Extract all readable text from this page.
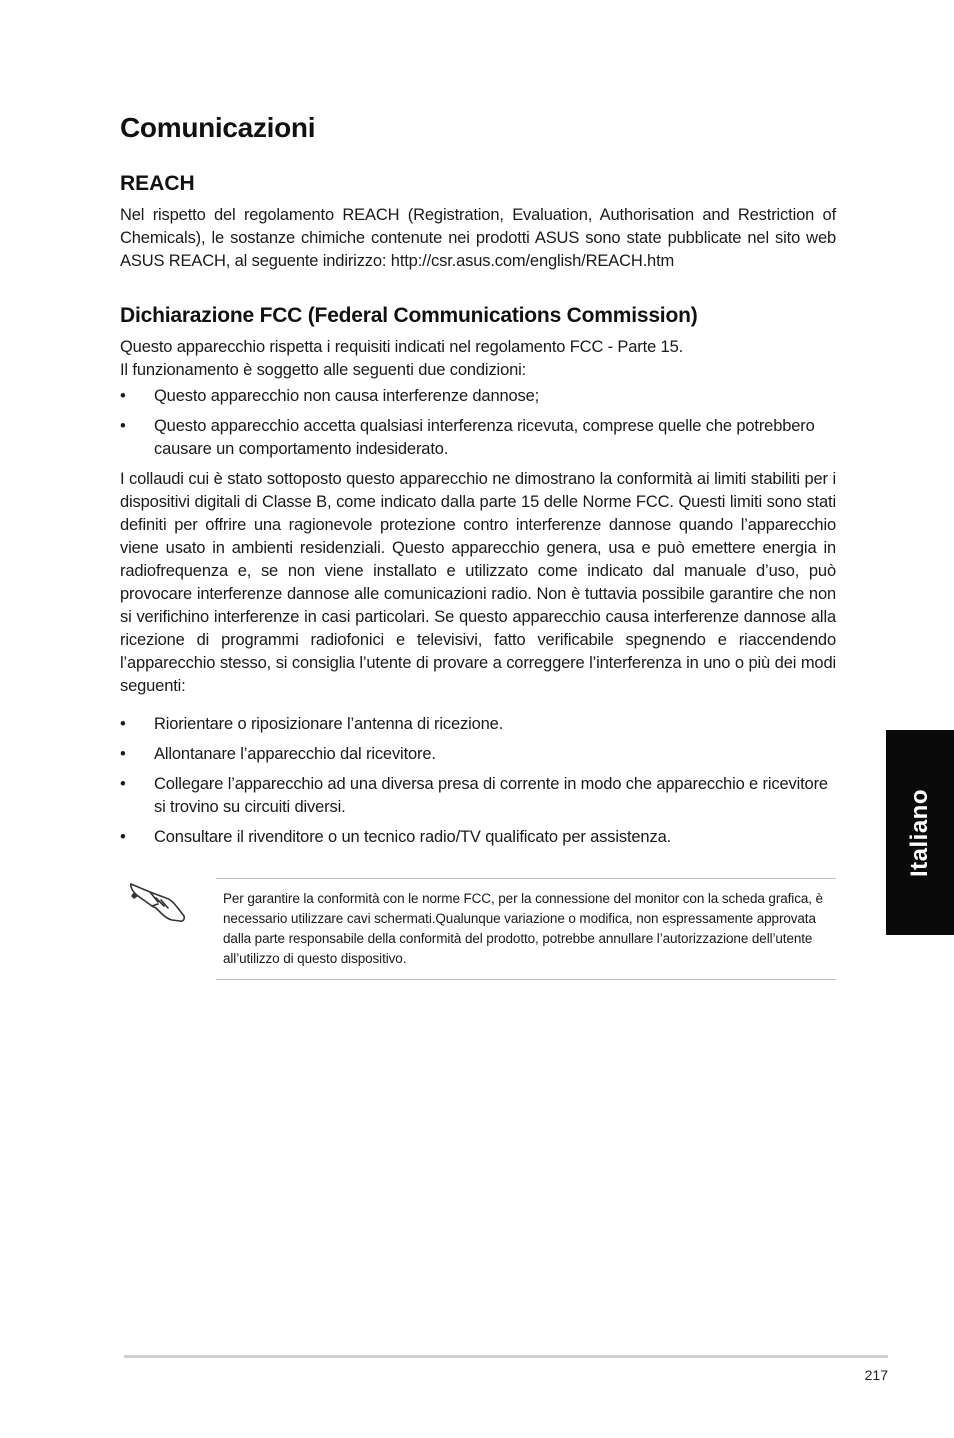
Comunicazioni
REACH

Nel rispetto del regolamento REACH (Registration, Evaluation, Authorisation and Restriction of Chemicals), le sostanze chimiche contenute nei prodotti ASUS sono state pubblicate nel sito web ASUS REACH, al seguente indirizzo: http://csr.asus.com/english/REACH.htm

Dichiarazione FCC (Federal Communications Commission)

Questo apparecchio rispetta i requisiti indicati nel regolamento FCC - Parte 15.

Il funzionamento è soggetto alle seguenti due condizioni:

• Questo apparecchio non causa interferenze dannose;
• Questo apparecchio accetta qualsiasi interferenza ricevuta, comprese quelle che potrebbero causare un comportamento indesiderato.

I collaudi cui è stato sottoposto questo apparecchio ne dimostrano la conformità ai limiti stabiliti per i dispositivi digitali di Classe B, come indicato dalla parte 15 delle Norme FCC. Questi limiti sono stati definiti per offrire una ragionevole protezione contro interferenze dannose quando l’apparecchio viene usato in ambienti residenziali. Questo apparecchio genera, usa e può emettere energia in radiofrequenza e, se non viene installato e utilizzato come indicato dal manuale d’uso, può provocare interferenze dannose alle comunicazioni radio. Non è tuttavia possibile garantire che non si verifichino interferenze in casi particolari. Se questo apparecchio causa interferenze dannose alla ricezione di programmi radiofonici e televisivi, fatto verificabile spegnendo e riaccendendo l’apparecchio stesso, si consiglia l’utente di provare a correggere l’interferenza in uno o più dei modi seguenti:

• Riorientare o riposizionare l’antenna di ricezione.
• Allontanare l’apparecchio dal ricevitore.
• Collegare l’apparecchio ad una diversa presa di corrente in modo che apparecchio e ricevitore si trovino su circuiti diversi.
• Consultare il rivenditore o un tecnico radio/TV qualificato per assistenza.
Per garantire la conformità con le norme FCC, per la connessione del monitor con la scheda grafica, è necessario utilizzare cavi schermati.Qualunque variazione o modifica, non espressamente approvata dalla parte responsabile della conformità del prodotto, potrebbe annullare l’autorizzazione dell’utente all’utilizzo di questo dispositivo.
Italiano
217
